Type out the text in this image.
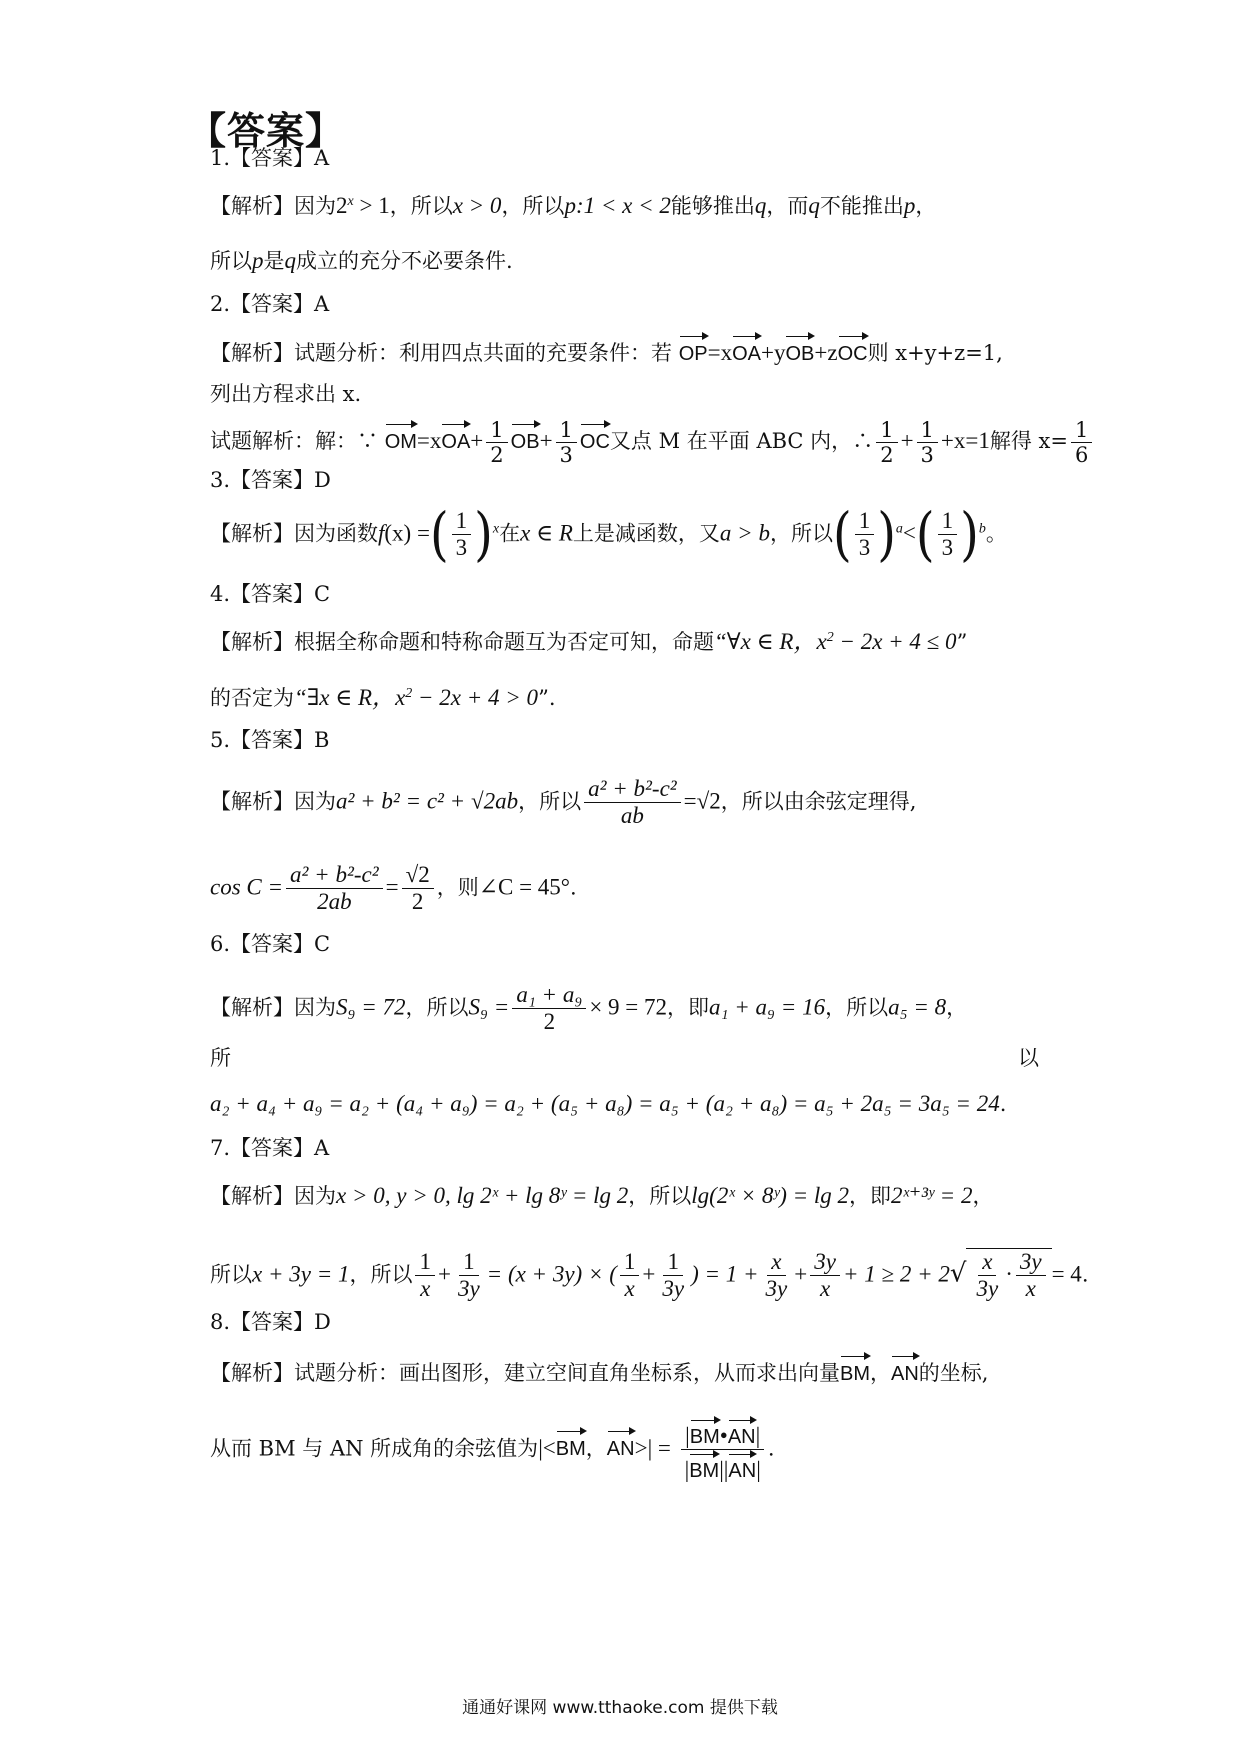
【答案】
1.【答案】A
【解析】因为$2^x > 1$，所以x > 0，所以p:1 < x < 2能够推出q，而q不能推出p，
所以p是q成立的充分不必要条件.
2.【答案】A
【解析】试题分析：利用四点共面的充要条件：若 OP=xOA+yOB+zOC则 x+y+z=1,
列出方程求出 x.
试题解析：解：∵ $OM=xOA+ \frac{1}{2} OB+ \frac{1}{3}$ OC又点 M 在平面 ABC 内，∴ $\frac{1}{2} + \frac{1}{3} +x=1$解得 $x= \frac{1}{6}$
3.【答案】D
【解析】因为函数f(x) =( $\frac{1}{3} )^x$在x ∈ R上是减函数，又a > b，所以( $\frac{1}{3} )^a<( \frac{1}{3} )^b$。
4.【答案】C
【解析】根据全称命题和特称命题互为否定可知，命题“∀x ∈ R，$x^2 - 2x + 4 \le 0$”
的否定为“∃x ∈ R，$x^2 - 2x + 4 > 0$”.
5.【答案】B
【解析】因为a² + b² = c² + √2ab，所以 $\frac{\text{a² + b²-c²}}{ab} =√2$，所以由余弦定理得,
$\cos C = \frac{\text{a² + b²-c²}}{2ab} = \frac{√2}{2}$ ，则∠C = 45°.
6.【答案】C
【解析】因为S₉ = 72，所以$S_9 = \frac{\text{a₁ + a₉}}{2} \times 9 = 72$，即a₁ + a₉ = 16，所以a₅ = 8，
所	以
a₂ + a₄ + a₉ = a₂ + (a₄ + a₉) = a₂ + (a₅ + a₈) = a₅ + (a₂ + a₈) = a₅ + 2a₅ = 3a₅ = 24.
7.【答案】A
【解析】因为x > 0, y > 0, lg 2ˣ + lg 8ʸ = lg 2，所以lg(2ˣ × 8ʸ) = lg 2，即2ˣ⁺³ʸ = 2，
所以x + 3y = 1，所以 $\frac{1}{x} + \frac{1}{3y} = (x + 3y)$ × ( $\frac{1}{x} + \frac{1}{3y}$ ) = $1 + \frac{x}{3y} + \frac{3y}{x} + 1 \ge 2 + 2√ \frac{x}{3y} \cdot \frac{3y}{x} = 4$.
8.【答案】D
【解析】试题分析：画出图形，建立空间直角坐标系，从而求出向量BM，AN的坐标,
从而 BM 与 AN 所成角的余弦值为|<BM，$AN>| = \frac{|BM•AN|}{|BM||AN|}$ .
通通好课网 www.tthaoke.com 提供下载
